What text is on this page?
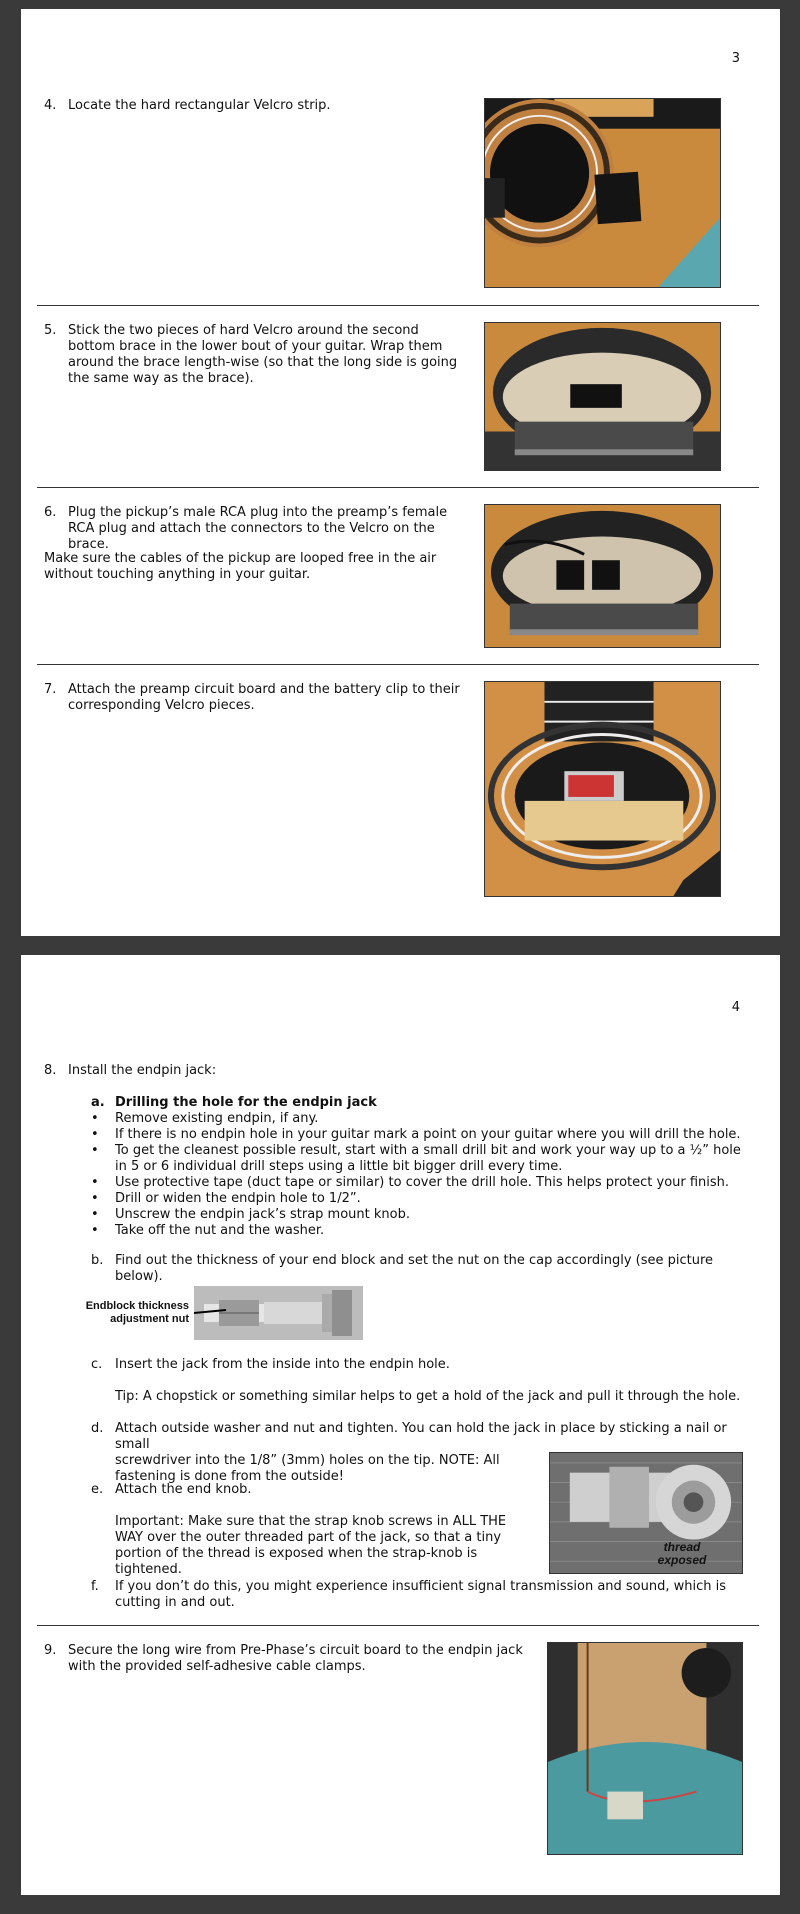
3
4. Locate the hard rectangular Velcro strip.
5. Stick the two pieces of hard Velcro around the second bottom brace in the lower bout of your guitar. Wrap them around the brace length-wise (so that the long side is going the same way as the brace).
6. Plug the pickup’s male RCA plug into the preamp’s female RCA plug and attach the connectors to the Velcro on the brace.
Make sure the cables of the pickup are looped free in the air without touching anything in your guitar.
7. Attach the preamp circuit board and the battery clip to their corresponding Velcro pieces.
4
8. Install the endpin jack:
a. Drilling the hole for the endpin jack
• Remove existing endpin, if any.
• If there is no endpin hole in your guitar mark a point on your guitar where you will drill the hole.
• To get the cleanest possible result, start with a small drill bit and work your way up to a ½” hole in 5 or 6 individual drill steps using a little bit bigger drill every time.
• Use protective tape (duct tape or similar) to cover the drill hole. This helps protect your finish.
• Drill or widen the endpin hole to 1/2”.
• Unscrew the endpin jack’s strap mount knob.
• Take off the nut and the washer.
b. Find out the thickness of your end block and set the nut on the cap accordingly (see picture below).
Endblock thickness
adjustment nut
c. Insert the jack from the inside into the endpin hole.
Tip: A chopstick or something similar helps to get a hold of the jack and pull it through the hole.
d. Attach outside washer and nut and tighten. You can hold the jack in place by sticking a nail or small
screwdriver into the 1/8” (3mm) holes on the tip. NOTE: All
fastening is done from the outside!
thread
exposed
e. Attach the end knob.
Important: Make sure that the strap knob screws in ALL THE WAY over the outer threaded part of the jack, so that a tiny portion of the thread is exposed when the strap-knob is tightened.
f. If you don’t do this, you might experience insufficient signal transmission and sound, which is cutting in and out.
9. Secure the long wire from Pre-Phase’s circuit board to the endpin jack with the provided self-adhesive cable clamps.
